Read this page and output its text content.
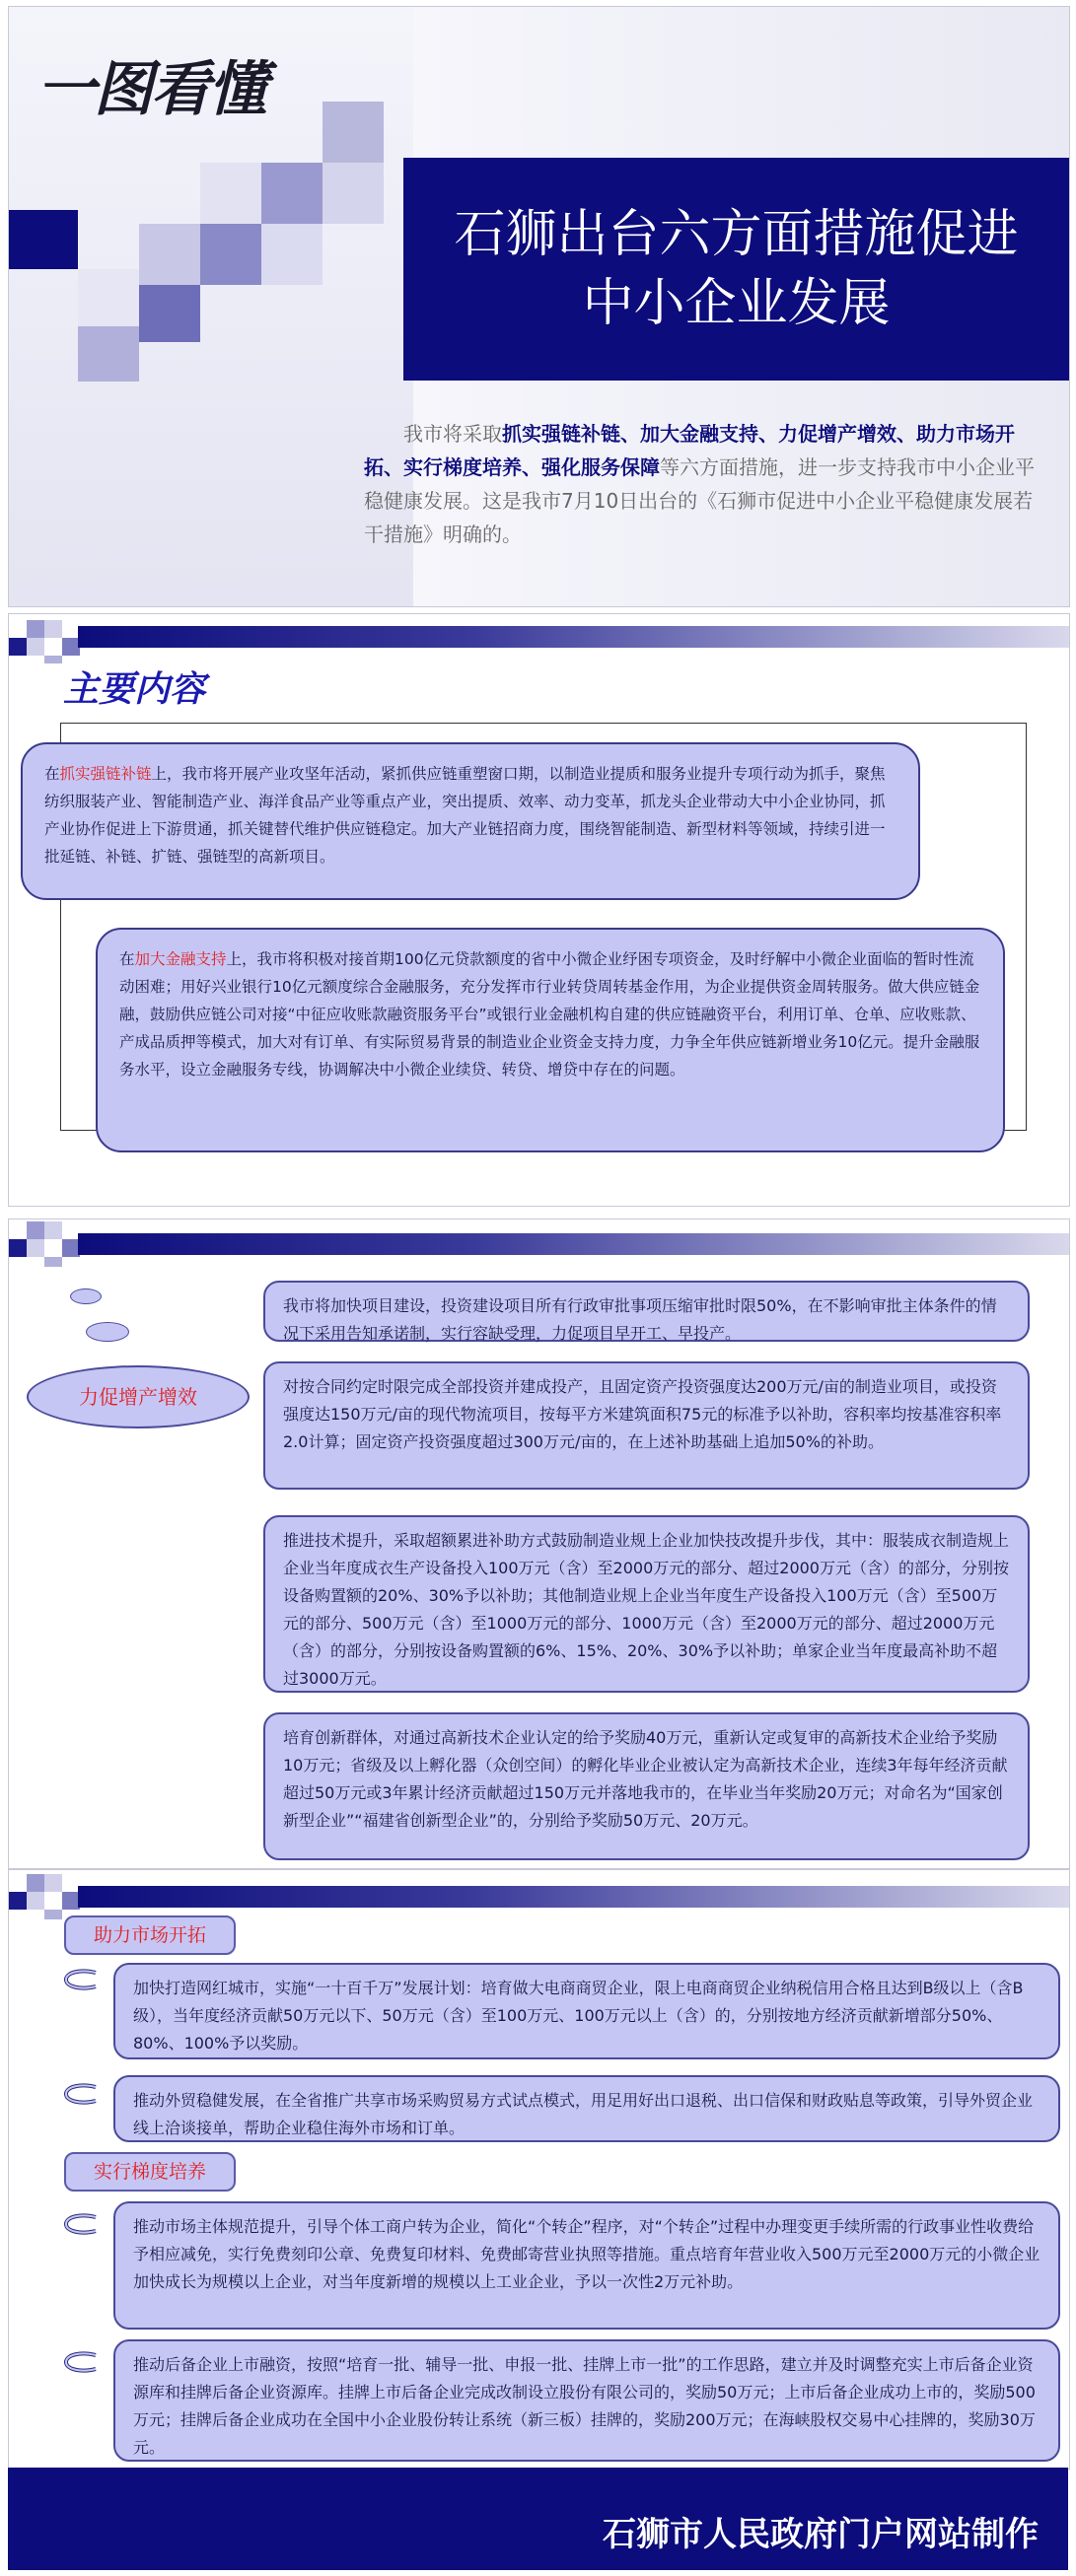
一图看懂
石狮出台六方面措施促进
中小企业发展
我市将采取抓实强链补链、加大金融支持、力促增产增效、助力市场开拓、实行梯度培养、强化服务保障等六方面措施，进一步支持我市中小企业平稳健康发展。这是我市7月10日出台的《石狮市促进中小企业平稳健康发展若干措施》明确的。
主要内容
在抓实强链补链上，我市将开展产业攻坚年活动，紧抓供应链重塑窗口期，以制造业提质和服务业提升专项行动为抓手，聚焦纺织服装产业、智能制造产业、海洋食品产业等重点产业，突出提质、效率、动力变革，抓龙头企业带动大中小企业协同，抓产业协作促进上下游贯通，抓关键替代维护供应链稳定。加大产业链招商力度，围绕智能制造、新型材料等领域，持续引进一批延链、补链、扩链、强链型的高新项目。
在加大金融支持上，我市将积极对接首期100亿元贷款额度的省中小微企业纾困专项资金，及时纾解中小微企业面临的暂时性流动困难；用好兴业银行10亿元额度综合金融服务，充分发挥市行业转贷周转基金作用，为企业提供资金周转服务。做大供应链金融，鼓励供应链公司对接“中征应收账款融资服务平台”或银行业金融机构自建的供应链融资平台，利用订单、仓单、应收账款、产成品质押等模式，加大对有订单、有实际贸易背景的制造业企业资金支持力度，力争全年供应链新增业务10亿元。提升金融服务水平，设立金融服务专线，协调解决中小微企业续贷、转贷、增贷中存在的问题。
力促增产增效
我市将加快项目建设，投资建设项目所有行政审批事项压缩审批时限50%，在不影响审批主体条件的情况下采用告知承诺制，实行容缺受理，力促项目早开工、早投产。
对按合同约定时限完成全部投资并建成投产，且固定资产投资强度达200万元/亩的制造业项目，或投资强度达150万元/亩的现代物流项目，按每平方米建筑面积75元的标准予以补助，容积率均按基准容积率2.0计算；固定资产投资强度超过300万元/亩的，在上述补助基础上追加50%的补助。
推进技术提升，采取超额累进补助方式鼓励制造业规上企业加快技改提升步伐，其中：服装成衣制造规上企业当年度成衣生产设备投入100万元（含）至2000万元的部分、超过2000万元（含）的部分，分别按设备购置额的20%、30%予以补助；其他制造业规上企业当年度生产设备投入100万元（含）至500万元的部分、500万元（含）至1000万元的部分、1000万元（含）至2000万元的部分、超过2000万元（含）的部分，分别按设备购置额的6%、15%、20%、30%予以补助；单家企业当年度最高补助不超过3000万元。
培育创新群体，对通过高新技术企业认定的给予奖励40万元，重新认定或复审的高新技术企业给予奖励10万元；省级及以上孵化器（众创空间）的孵化毕业企业被认定为高新技术企业，连续3年每年经济贡献超过50万元或3年累计经济贡献超过150万元并落地我市的，在毕业当年奖励20万元；对命名为“国家创新型企业”“福建省创新型企业”的，分别给予奖励50万元、20万元。
助力市场开拓
加快打造网红城市，实施“一十百千万”发展计划：培育做大电商商贸企业，限上电商商贸企业纳税信用合格且达到B级以上（含B级），当年度经济贡献50万元以下、50万元（含）至100万元、100万元以上（含）的，分别按地方经济贡献新增部分50%、80%、100%予以奖励。
推动外贸稳健发展，在全省推广共享市场采购贸易方式试点模式，用足用好出口退税、出口信保和财政贴息等政策，引导外贸企业线上洽谈接单，帮助企业稳住海外市场和订单。
实行梯度培养
推动市场主体规范提升，引导个体工商户转为企业，简化“个转企”程序，对“个转企”过程中办理变更手续所需的行政事业性收费给予相应减免，实行免费刻印公章、免费复印材料、免费邮寄营业执照等措施。重点培育年营业收入500万元至2000万元的小微企业加快成长为规模以上企业，对当年度新增的规模以上工业企业，予以一次性2万元补助。
推动后备企业上市融资，按照“培育一批、辅导一批、申报一批、挂牌上市一批”的工作思路，建立并及时调整充实上市后备企业资源库和挂牌后备企业资源库。挂牌上市后备企业完成改制设立股份有限公司的，奖励50万元；上市后备企业成功上市的，奖励500万元；挂牌后备企业成功在全国中小企业股份转让系统（新三板）挂牌的，奖励200万元；在海峡股权交易中心挂牌的，奖励30万元。
石狮市人民政府门户网站制作
